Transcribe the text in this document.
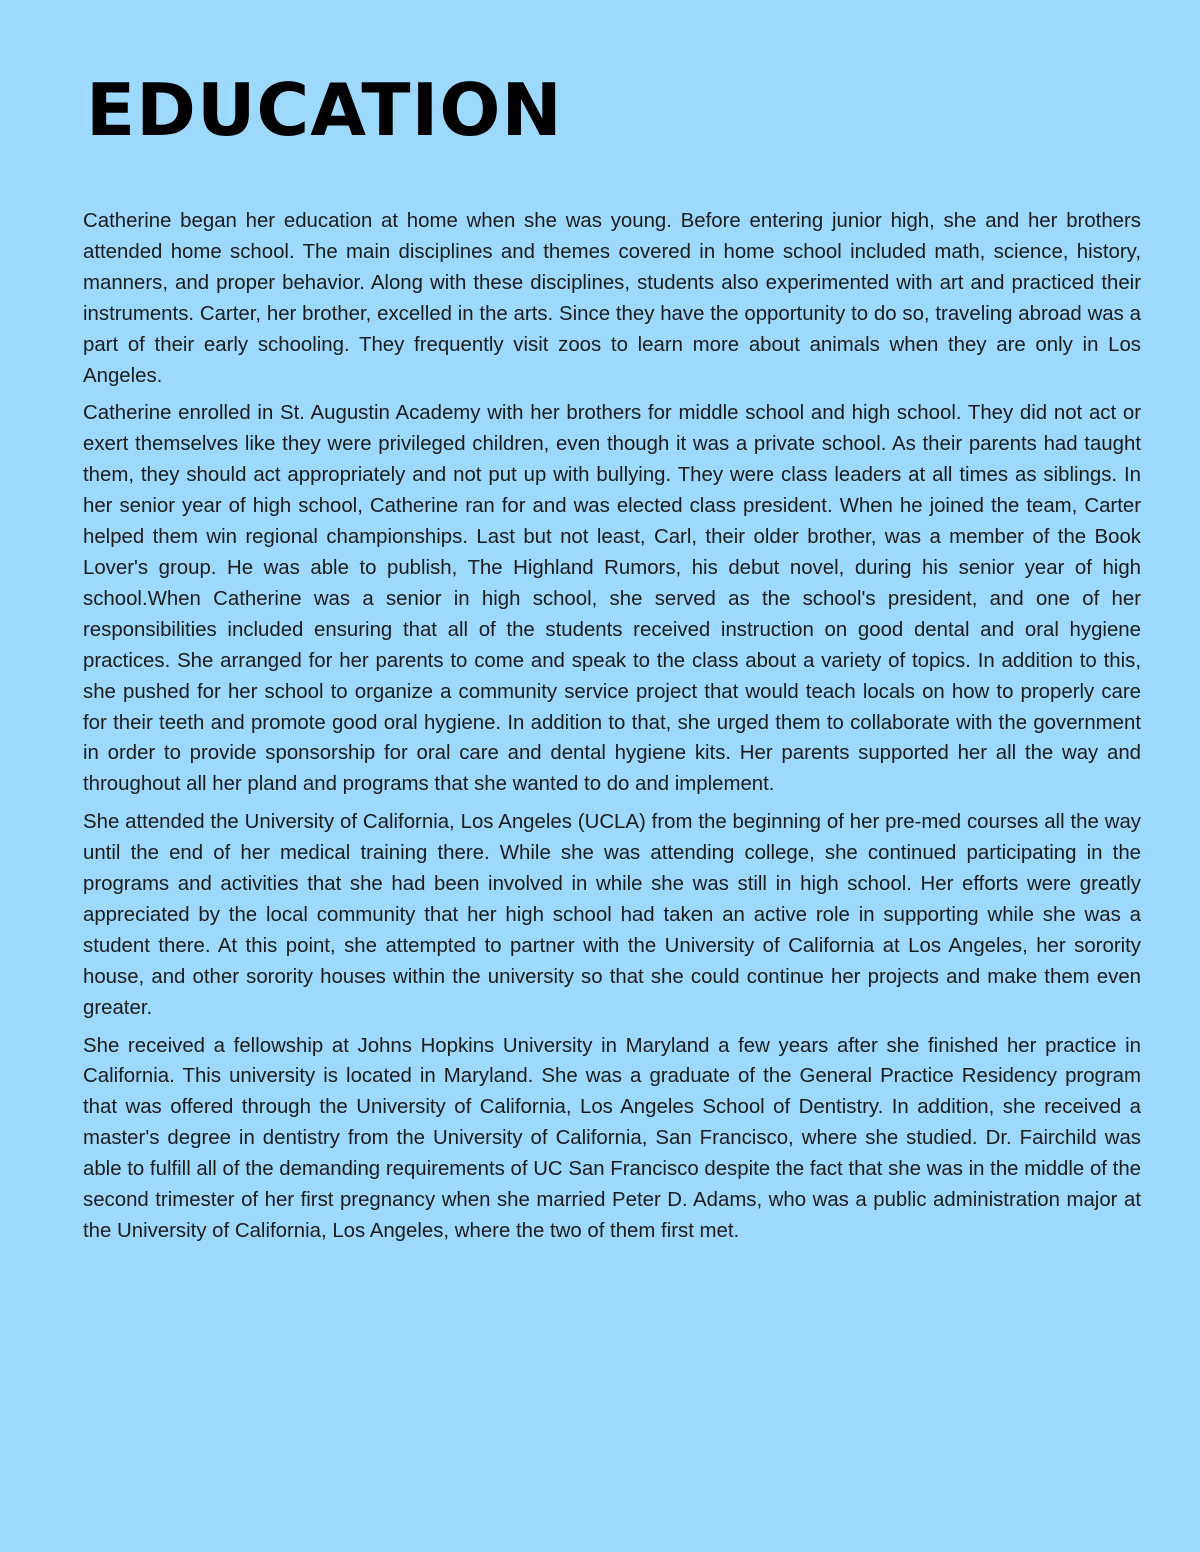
EDUCATION

Catherine began her education at home when she was young. Before entering junior high, she and her brothers attended home school. The main disciplines and themes covered in home school included math, science, history, manners, and proper behavior. Along with these disciplines, students also experimented with art and practiced their instruments. Carter, her brother, excelled in the arts. Since they have the opportunity to do so, traveling abroad was a part of their early schooling. They frequently visit zoos to learn more about animals when they are only in Los Angeles.

Catherine enrolled in St. Augustin Academy with her brothers for middle school and high school. They did not act or exert themselves like they were privileged children, even though it was a private school. As their parents had taught them, they should act appropriately and not put up with bullying. They were class leaders at all times as siblings. In her senior year of high school, Catherine ran for and was elected class president. When he joined the team, Carter helped them win regional championships. Last but not least, Carl, their older brother, was a member of the Book Lover's group. He was able to publish, The Highland Rumors, his debut novel, during his senior year of high school.When Catherine was a senior in high school, she served as the school's president, and one of her responsibilities included ensuring that all of the students received instruction on good dental and oral hygiene practices. She arranged for her parents to come and speak to the class about a variety of topics. In addition to this, she pushed for her school to organize a community service project that would teach locals on how to properly care for their teeth and promote good oral hygiene. In addition to that, she urged them to collaborate with the government in order to provide sponsorship for oral care and dental hygiene kits. Her parents supported her all the way and throughout all her pland and programs that she wanted to do and implement.

She attended the University of California, Los Angeles (UCLA) from the beginning of her pre-med courses all the way until the end of her medical training there. While she was attending college, she continued participating in the programs and activities that she had been involved in while she was still in high school. Her efforts were greatly appreciated by the local community that her high school had taken an active role in supporting while she was a student there. At this point, she attempted to partner with the University of California at Los Angeles, her sorority house, and other sorority houses within the university so that she could continue her projects and make them even greater.

She received a fellowship at Johns Hopkins University in Maryland a few years after she finished her practice in California. This university is located in Maryland. She was a graduate of the General Practice Residency program that was offered through the University of California, Los Angeles School of Dentistry. In addition, she received a master's degree in dentistry from the University of California, San Francisco, where she studied. Dr. Fairchild was able to fulfill all of the demanding requirements of UC San Francisco despite the fact that she was in the middle of the second trimester of her first pregnancy when she married Peter D. Adams, who was a public administration major at the University of California, Los Angeles, where the two of them first met.
